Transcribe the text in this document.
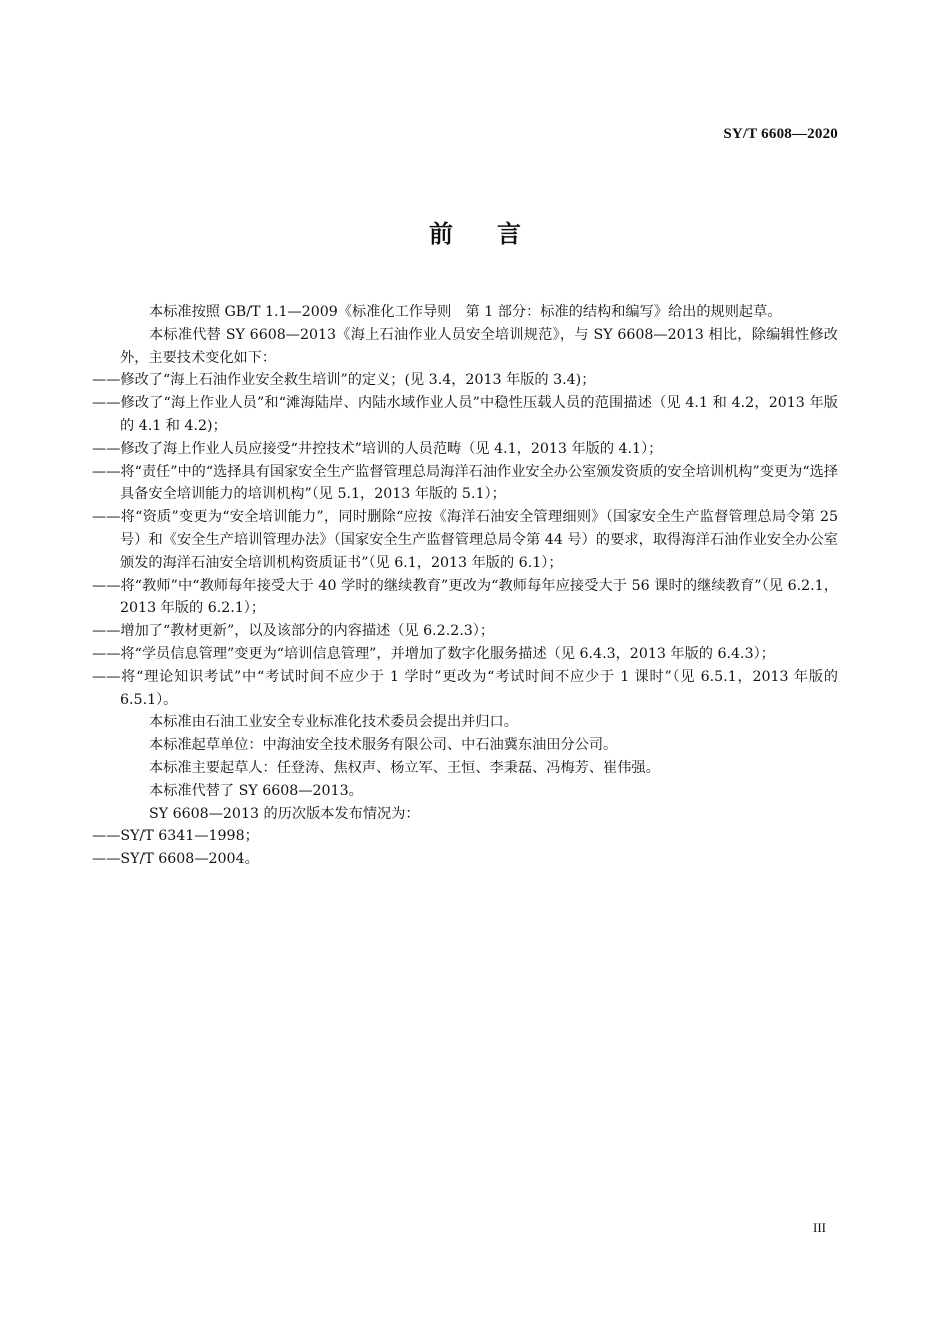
SY/T 6608—2020
前言

本标准按照 GB/T 1.1—2009《标准化工作导则　第 1 部分：标准的结构和编写》给出的规则起草。

本标准代替 SY 6608—2013《海上石油作业人员安全培训规范》，与 SY 6608—2013 相比，除编辑性修改外，主要技术变化如下：

——修改了“海上石油作业安全救生培训”的定义；(见 3.4，2013 年版的 3.4)；

——修改了“海上作业人员”和“滩海陆岸、内陆水域作业人员”中稳性压载人员的范围描述（见 4.1 和 4.2，2013 年版的 4.1 和 4.2)；

——修改了海上作业人员应接受“井控技术”培训的人员范畴（见 4.1，2013 年版的 4.1）；

——将“责任”中的“选择具有国家安全生产监督管理总局海洋石油作业安全办公室颁发资质的安全培训机构”变更为“选择具备安全培训能力的培训机构”（见 5.1，2013 年版的 5.1）；

——将“资质”变更为“安全培训能力”，同时删除“应按《海洋石油安全管理细则》（国家安全生产监督管理总局令第 25 号）和《安全生产培训管理办法》（国家安全生产监督管理总局令第 44 号）的要求，取得海洋石油作业安全办公室颁发的海洋石油安全培训机构资质证书”（见 6.1，2013 年版的 6.1）；

——将“教师”中“教师每年接受大于 40 学时的继续教育”更改为“教师每年应接受大于 56 课时的继续教育”（见 6.2.1，2013 年版的 6.2.1）；

——增加了“教材更新”，以及该部分的内容描述（见 6.2.2.3）；

——将“学员信息管理”变更为“培训信息管理”，并增加了数字化服务描述（见 6.4.3，2013 年版的 6.4.3）；

——将“理论知识考试”中“考试时间不应少于 1 学时”更改为“考试时间不应少于 1 课时”（见 6.5.1，2013 年版的 6.5.1）。

本标准由石油工业安全专业标准化技术委员会提出并归口。

本标准起草单位：中海油安全技术服务有限公司、中石油冀东油田分公司。

本标准主要起草人：任登涛、焦权声、杨立军、王恒、李秉磊、冯梅芳、崔伟强。

本标准代替了 SY 6608—2013。

SY 6608—2013 的历次版本发布情况为：

——SY/T 6341—1998；

——SY/T 6608—2004。

III
